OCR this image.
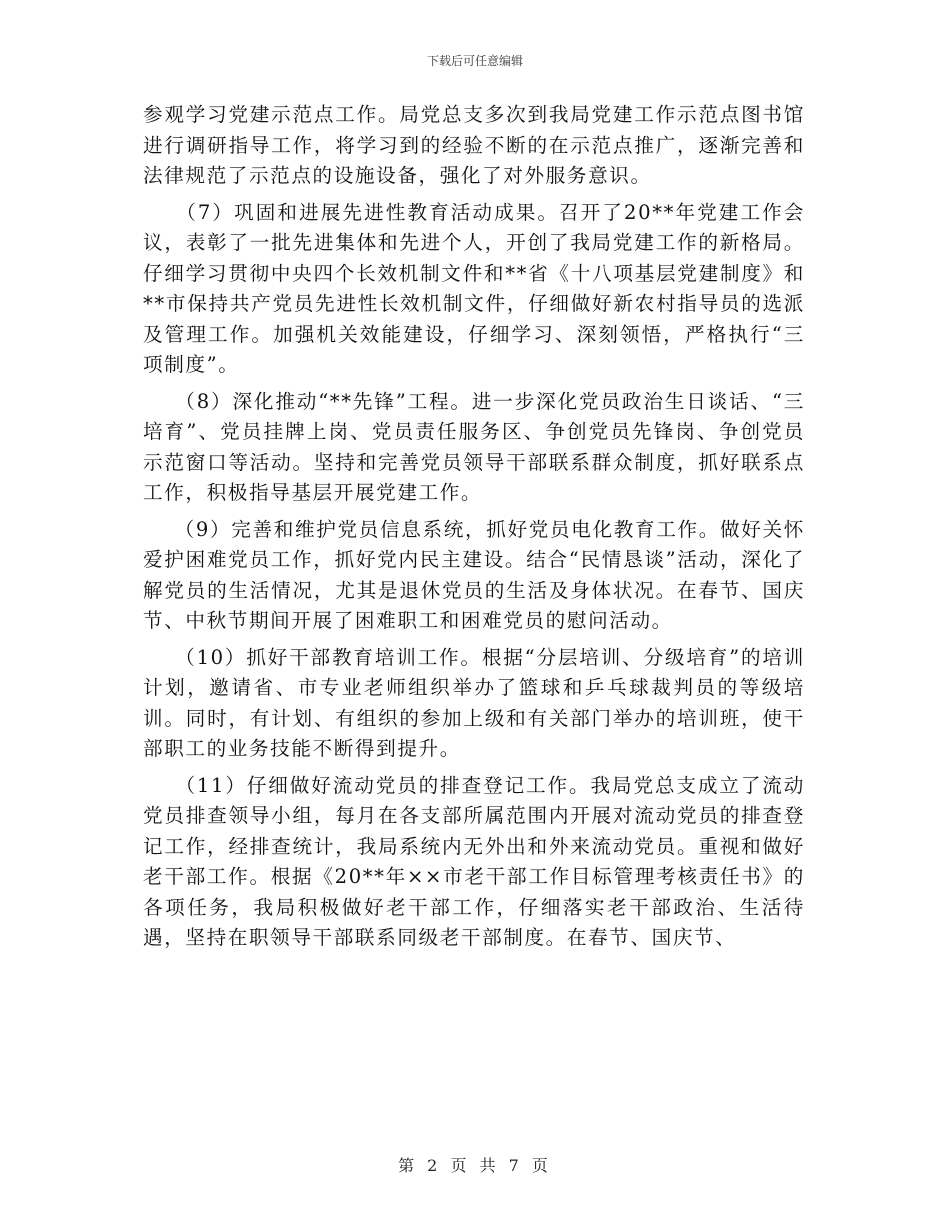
下载后可任意编辑

参观学习党建示范点工作。局党总支多次到我局党建工作示范点图书馆进行调研指导工作，将学习到的经验不断的在示范点推广，逐渐完善和法律规范了示范点的设施设备，强化了对外服务意识。

（7）巩固和进展先进性教育活动成果。召开了20**年党建工作会议，表彰了一批先进集体和先进个人，开创了我局党建工作的新格局。仔细学习贯彻中央四个长效机制文件和**省《十八项基层党建制度》和**市保持共产党员先进性长效机制文件，仔细做好新农村指导员的选派及管理工作。加强机关效能建设，仔细学习、深刻领悟，严格执行“三项制度”。

（8）深化推动“**先锋”工程。进一步深化党员政治生日谈话、“三培育”、党员挂牌上岗、党员责任服务区、争创党员先锋岗、争创党员示范窗口等活动。坚持和完善党员领导干部联系群众制度，抓好联系点工作，积极指导基层开展党建工作。

（9）完善和维护党员信息系统，抓好党员电化教育工作。做好关怀爱护困难党员工作，抓好党内民主建设。结合“民情恳谈”活动，深化了解党员的生活情况，尤其是退休党员的生活及身体状况。在春节、国庆节、中秋节期间开展了困难职工和困难党员的慰问活动。

（10）抓好干部教育培训工作。根据“分层培训、分级培育”的培训计划，邀请省、市专业老师组织举办了篮球和乒乓球裁判员的等级培训。同时，有计划、有组织的参加上级和有关部门举办的培训班，使干部职工的业务技能不断得到提升。

（11）仔细做好流动党员的排查登记工作。我局党总支成立了流动党员排查领导小组，每月在各支部所属范围内开展对流动党员的排查登记工作，经排查统计，我局系统内无外出和外来流动党员。重视和做好老干部工作。根据《20**年××市老干部工作目标管理考核责任书》的各项任务，我局积极做好老干部工作，仔细落实老干部政治、生活待遇，坚持在职领导干部联系同级老干部制度。在春节、国庆节、

第 2 页 共 7 页
